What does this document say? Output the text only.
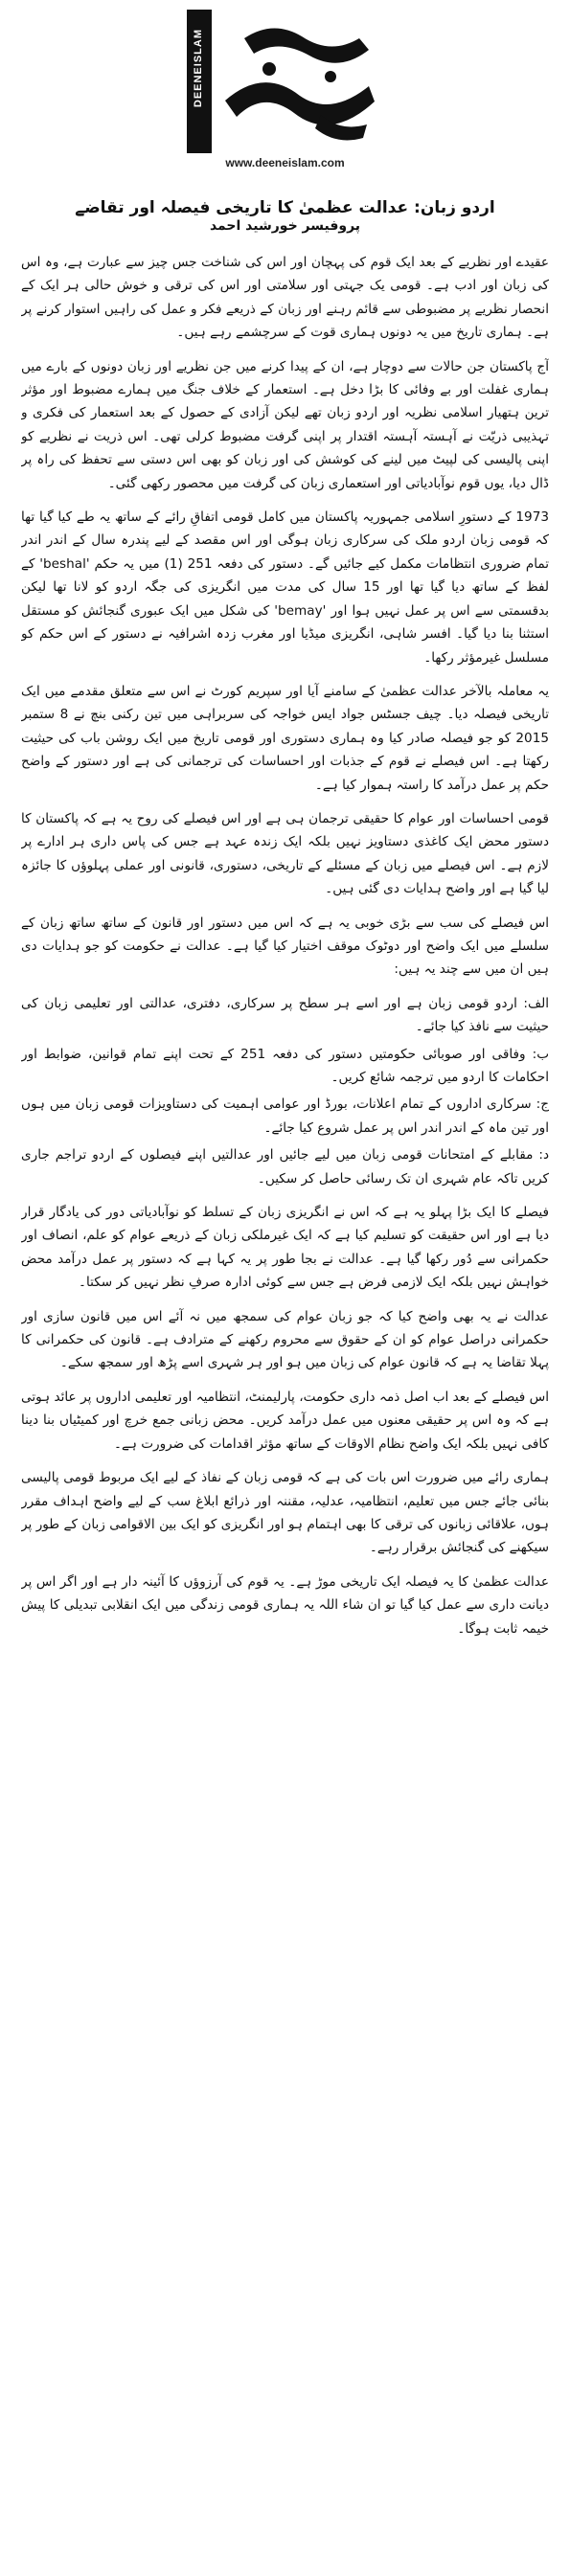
DEENEISLAM
www.deeneislam.com
اردو زبان: عدالت عظمیٰ کا تاریخی فیصلہ اور تقاضے
پروفیسر خورشید احمد

عقیدے اور نظریے کے بعد ایک قوم کی پہچان اور اس کی شناخت جس چیز سے عبارت ہے، وہ اس کی زبان اور ادب ہے۔ قومی یک جہتی اور سلامتی اور اس کی ترقی و خوش حالی ہر ایک کے انحصار نظریے پر مضبوطی سے قائم رہنے اور زبان کے ذریعے فکر و عمل کی راہیں استوار کرنے پر ہے۔ ہماری تاریخ میں یہ دونوں ہماری قوت کے سرچشمے رہے ہیں۔

آج پاکستان جن حالات سے دوچار ہے، ان کے پیدا کرنے میں جن نظریے اور زبان دونوں کے بارے میں ہماری غفلت اور بے وفائی کا بڑا دخل ہے۔ استعمار کے خلاف جنگ میں ہمارے مضبوط اور مؤثر ترین ہتھیار اسلامی نظریہ اور اردو زبان تھے لیکن آزادی کے حصول کے بعد استعمار کی فکری و تہذیبی ذریّت نے آہستہ آہستہ اقتدار پر اپنی گرفت مضبوط کرلی تھی۔ اس ذریت نے نظریے کو اپنی پالیسی کی لپیٹ میں لینے کی کوشش کی اور زبان کو بھی اس دستی سے تحفظ کی راہ پر ڈال دیا، یوں قوم نوآبادیاتی اور استعماری زبان کی گرفت میں محصور رکھی گئی۔

1973 کے دستورِ اسلامی جمہوریہ پاکستان میں کامل قومی اتفاقِ رائے کے ساتھ یہ طے کیا گیا تھا کہ قومی زبان اردو ملک کی سرکاری زبان ہوگی اور اس مقصد کے لیے پندرہ سال کے اندر اندر تمام ضروری انتظامات مکمل کیے جائیں گے۔ دستور کی دفعہ 251 (1) میں یہ حکم 'beshal' کے لفظ کے ساتھ دیا گیا تھا اور 15 سال کی مدت میں انگریزی کی جگہ اردو کو لانا تھا لیکن بدقسمتی سے اس پر عمل نہیں ہوا اور 'bemay' کی شکل میں ایک عبوری گنجائش کو مستقل استثنا بنا دیا گیا۔ افسر شاہی، انگریزی میڈیا اور مغرب زدہ اشرافیہ نے دستور کے اس حکم کو مسلسل غیرمؤثر رکھا۔

یہ معاملہ بالآخر عدالت عظمیٰ کے سامنے آیا اور سپریم کورٹ نے اس سے متعلق مقدمے میں ایک تاریخی فیصلہ دیا۔ چیف جسٹس جواد ایس خواجہ کی سربراہی میں تین رکنی بنچ نے 8 ستمبر 2015 کو جو فیصلہ صادر کیا وہ ہماری دستوری اور قومی تاریخ میں ایک روشن باب کی حیثیت رکھتا ہے۔ اس فیصلے نے قوم کے جذبات اور احساسات کی ترجمانی کی ہے اور دستور کے واضح حکم پر عمل درآمد کا راستہ ہموار کیا ہے۔

قومی احساسات اور عوام کا حقیقی ترجمان ہی ہے اور اس فیصلے کی روح یہ ہے کہ پاکستان کا دستور محض ایک کاغذی دستاویز نہیں بلکہ ایک زندہ عہد ہے جس کی پاس داری ہر ادارے پر لازم ہے۔ اس فیصلے میں زبان کے مسئلے کے تاریخی، دستوری، قانونی اور عملی پہلوؤں کا جائزہ لیا گیا ہے اور واضح ہدایات دی گئی ہیں۔

اس فیصلے کی سب سے بڑی خوبی یہ ہے کہ اس میں دستور اور قانون کے ساتھ ساتھ زبان کے سلسلے میں ایک واضح اور دوٹوک موقف اختیار کیا گیا ہے۔ عدالت نے حکومت کو جو ہدایات دی ہیں ان میں سے چند یہ ہیں:

الف: اردو قومی زبان ہے اور اسے ہر سطح پر سرکاری، دفتری، عدالتی اور تعلیمی زبان کی حیثیت سے نافذ کیا جائے۔

ب: وفاقی اور صوبائی حکومتیں دستور کی دفعہ 251 کے تحت اپنے تمام قوانین، ضوابط اور احکامات کا اردو میں ترجمہ شائع کریں۔

ج: سرکاری اداروں کے تمام اعلانات، بورڈ اور عوامی اہمیت کی دستاویزات قومی زبان میں ہوں اور تین ماہ کے اندر اندر اس پر عمل شروع کیا جائے۔

د: مقابلے کے امتحانات قومی زبان میں لیے جائیں اور عدالتیں اپنے فیصلوں کے اردو تراجم جاری کریں تاکہ عام شہری ان تک رسائی حاصل کر سکیں۔

فیصلے کا ایک بڑا پہلو یہ ہے کہ اس نے انگریزی زبان کے تسلط کو نوآبادیاتی دور کی یادگار قرار دیا ہے اور اس حقیقت کو تسلیم کیا ہے کہ ایک غیرملکی زبان کے ذریعے عوام کو علم، انصاف اور حکمرانی سے دُور رکھا گیا ہے۔ عدالت نے بجا طور پر یہ کہا ہے کہ دستور پر عمل درآمد محض خواہش نہیں بلکہ ایک لازمی فرض ہے جس سے کوئی ادارہ صرفِ نظر نہیں کر سکتا۔

عدالت نے یہ بھی واضح کیا کہ جو زبان عوام کی سمجھ میں نہ آئے اس میں قانون سازی اور حکمرانی دراصل عوام کو ان کے حقوق سے محروم رکھنے کے مترادف ہے۔ قانون کی حکمرانی کا پہلا تقاضا یہ ہے کہ قانون عوام کی زبان میں ہو اور ہر شہری اسے پڑھ اور سمجھ سکے۔

اس فیصلے کے بعد اب اصل ذمہ داری حکومت، پارلیمنٹ، انتظامیہ اور تعلیمی اداروں پر عائد ہوتی ہے کہ وہ اس پر حقیقی معنوں میں عمل درآمد کریں۔ محض زبانی جمع خرچ اور کمیٹیاں بنا دینا کافی نہیں بلکہ ایک واضح نظام الاوقات کے ساتھ مؤثر اقدامات کی ضرورت ہے۔

ہماری رائے میں ضرورت اس بات کی ہے کہ قومی زبان کے نفاذ کے لیے ایک مربوط قومی پالیسی بنائی جائے جس میں تعلیم، انتظامیہ، عدلیہ، مقننہ اور ذرائع ابلاغ سب کے لیے واضح اہداف مقرر ہوں، علاقائی زبانوں کی ترقی کا بھی اہتمام ہو اور انگریزی کو ایک بین الاقوامی زبان کے طور پر سیکھنے کی گنجائش برقرار رہے۔

عدالت عظمیٰ کا یہ فیصلہ ایک تاریخی موڑ ہے۔ یہ قوم کی آرزوؤں کا آئینہ دار ہے اور اگر اس پر دیانت داری سے عمل کیا گیا تو ان شاء اللہ یہ ہماری قومی زندگی میں ایک انقلابی تبدیلی کا پیش خیمہ ثابت ہوگا۔
